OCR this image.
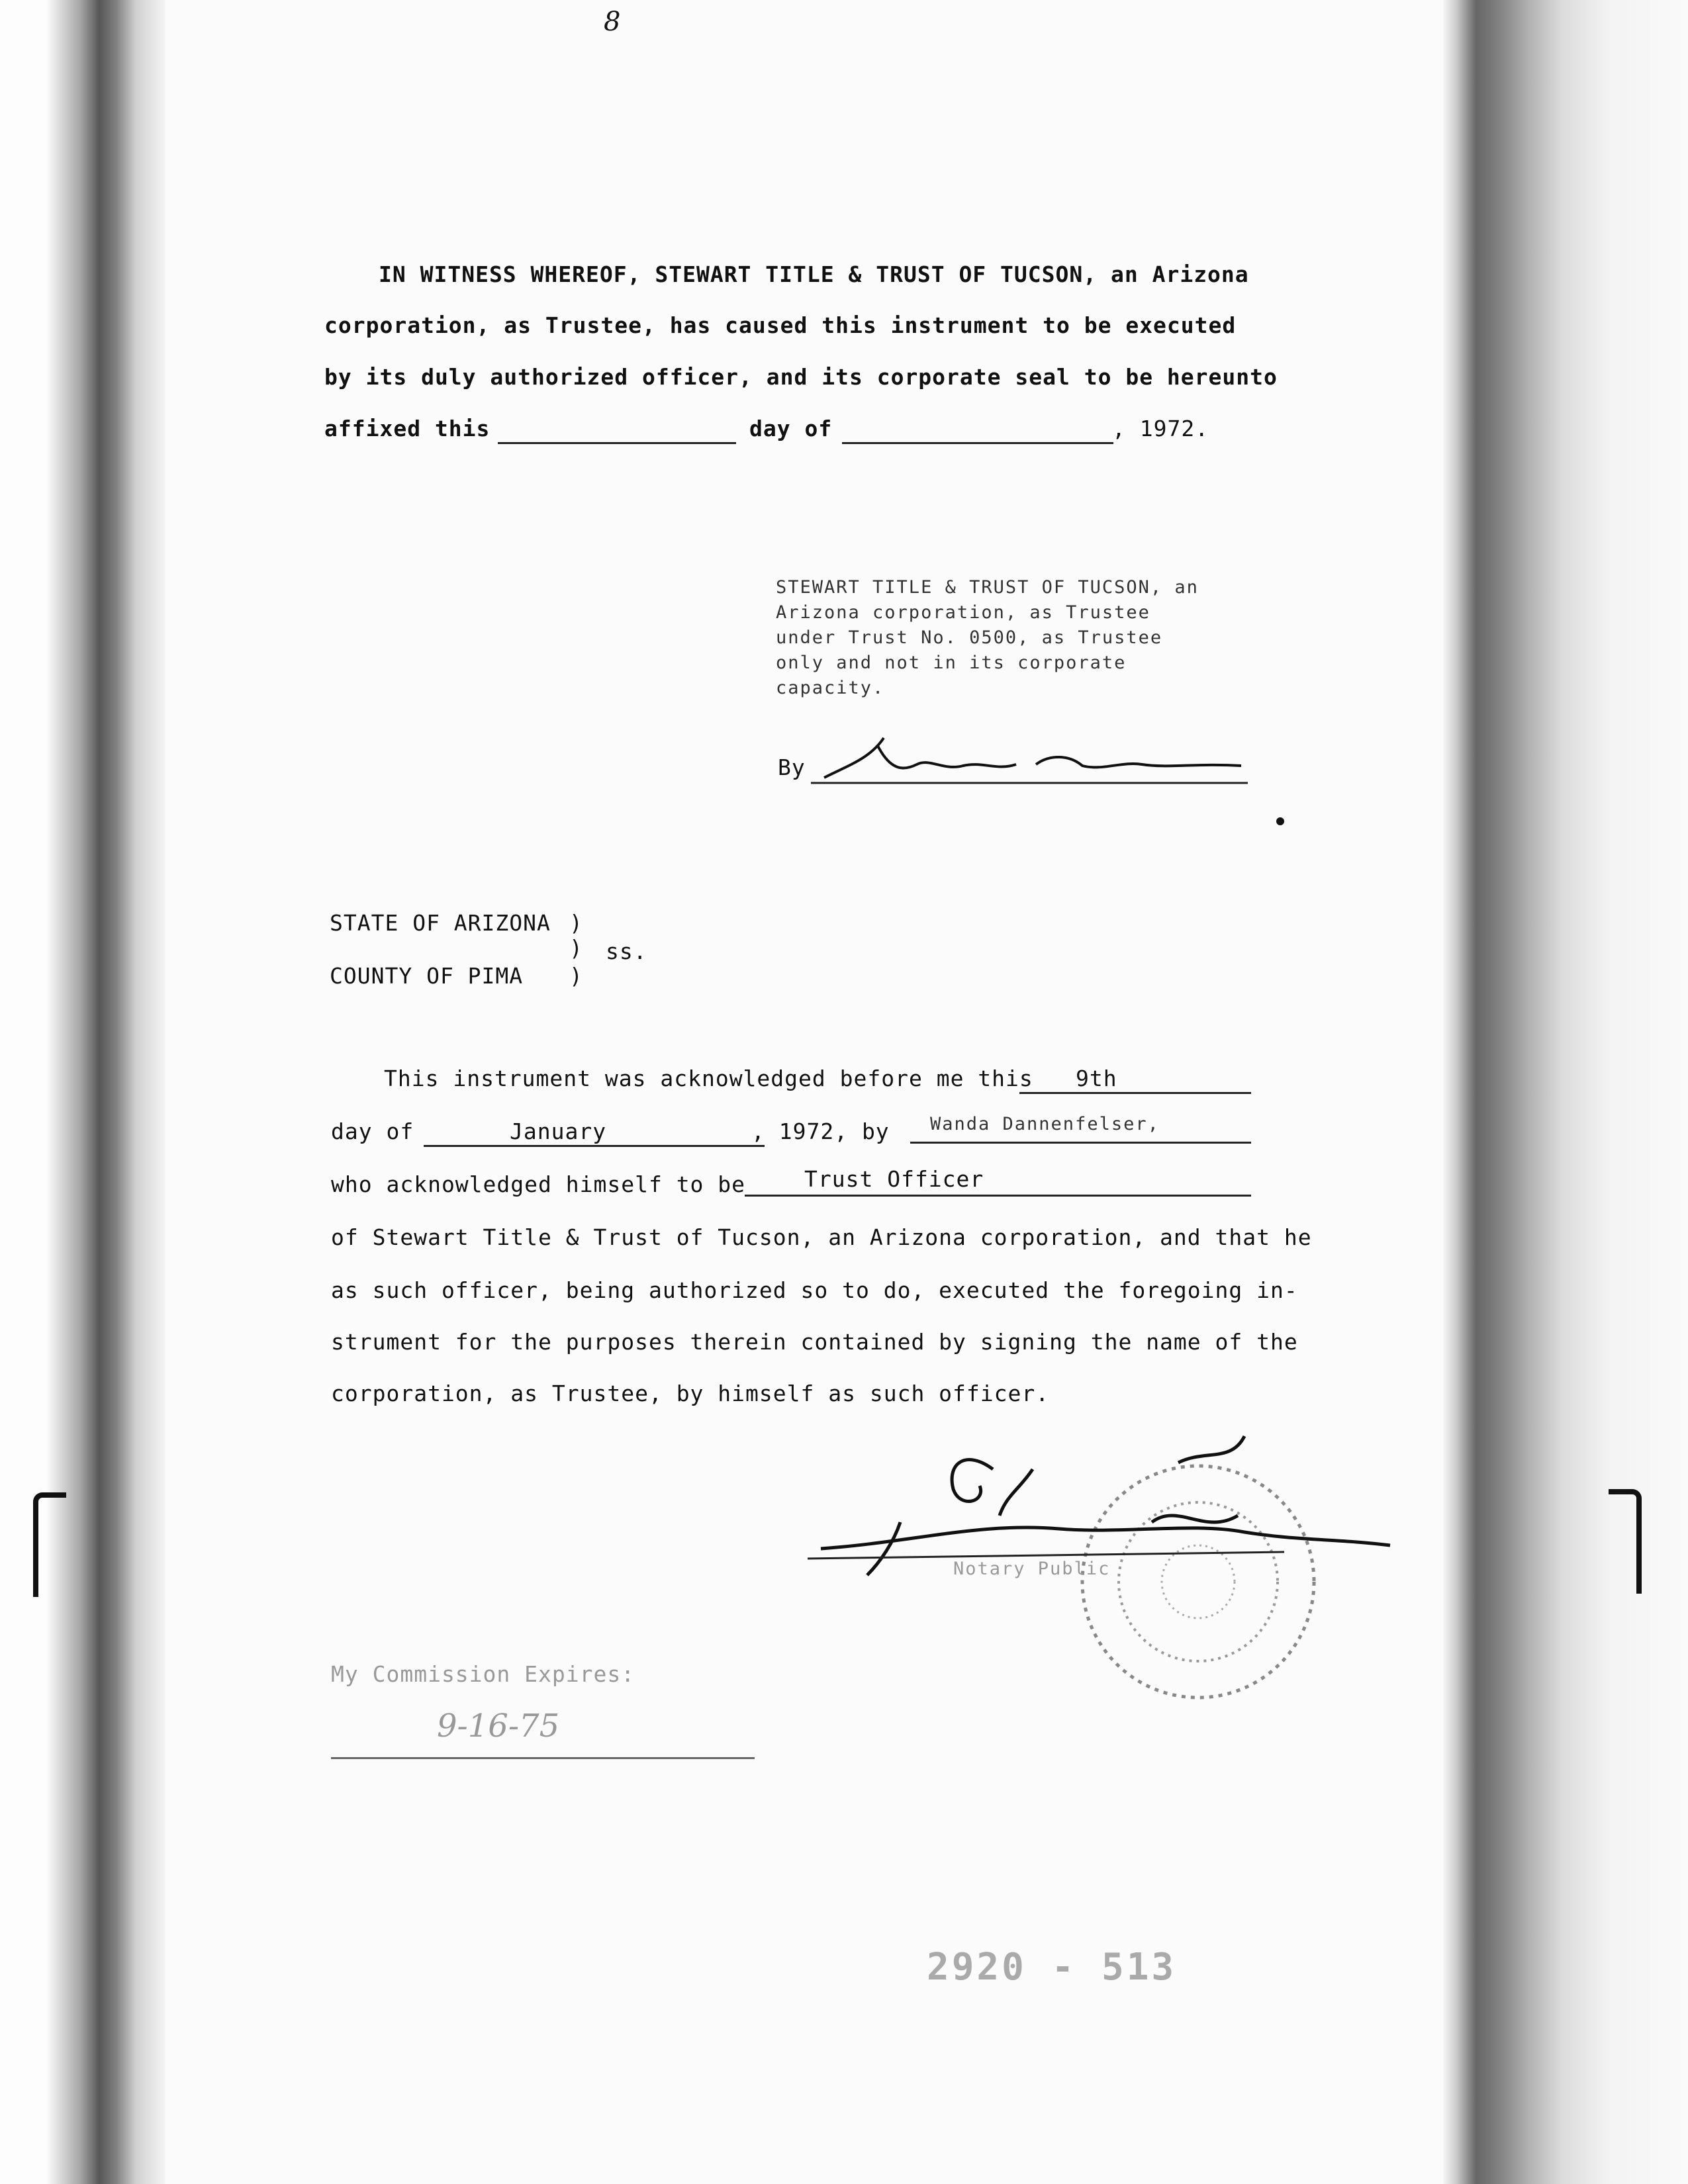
8
IN WITNESS WHEREOF, STEWART TITLE & TRUST OF TUCSON, an Arizona
corporation, as Trustee, has caused this instrument to be executed
by its duly authorized officer, and its corporate seal to be hereunto
affixed this	day of	, 1972.
STEWART TITLE & TRUST OF TUCSON, an
Arizona corporation, as Trustee
under Trust No. 0500, as Trustee
only and not in its corporate
capacity.
By
STATE OF ARIZONA )
) ss.
COUNTY OF PIMA )
This instrument was acknowledged before me this 9th
day of	January	, 1972, by Wanda Dannenfelser,
who acknowledged himself to be	Trust Officer
of Stewart Title & Trust of Tucson, an Arizona corporation, and that he
as such officer, being authorized so to do, executed the foregoing in-
strument for the purposes therein contained by signing the name of the
corporation, as Trustee, by himself as such officer.
Notary Public
My Commission Expires:
9-16-75
2920 - 513
